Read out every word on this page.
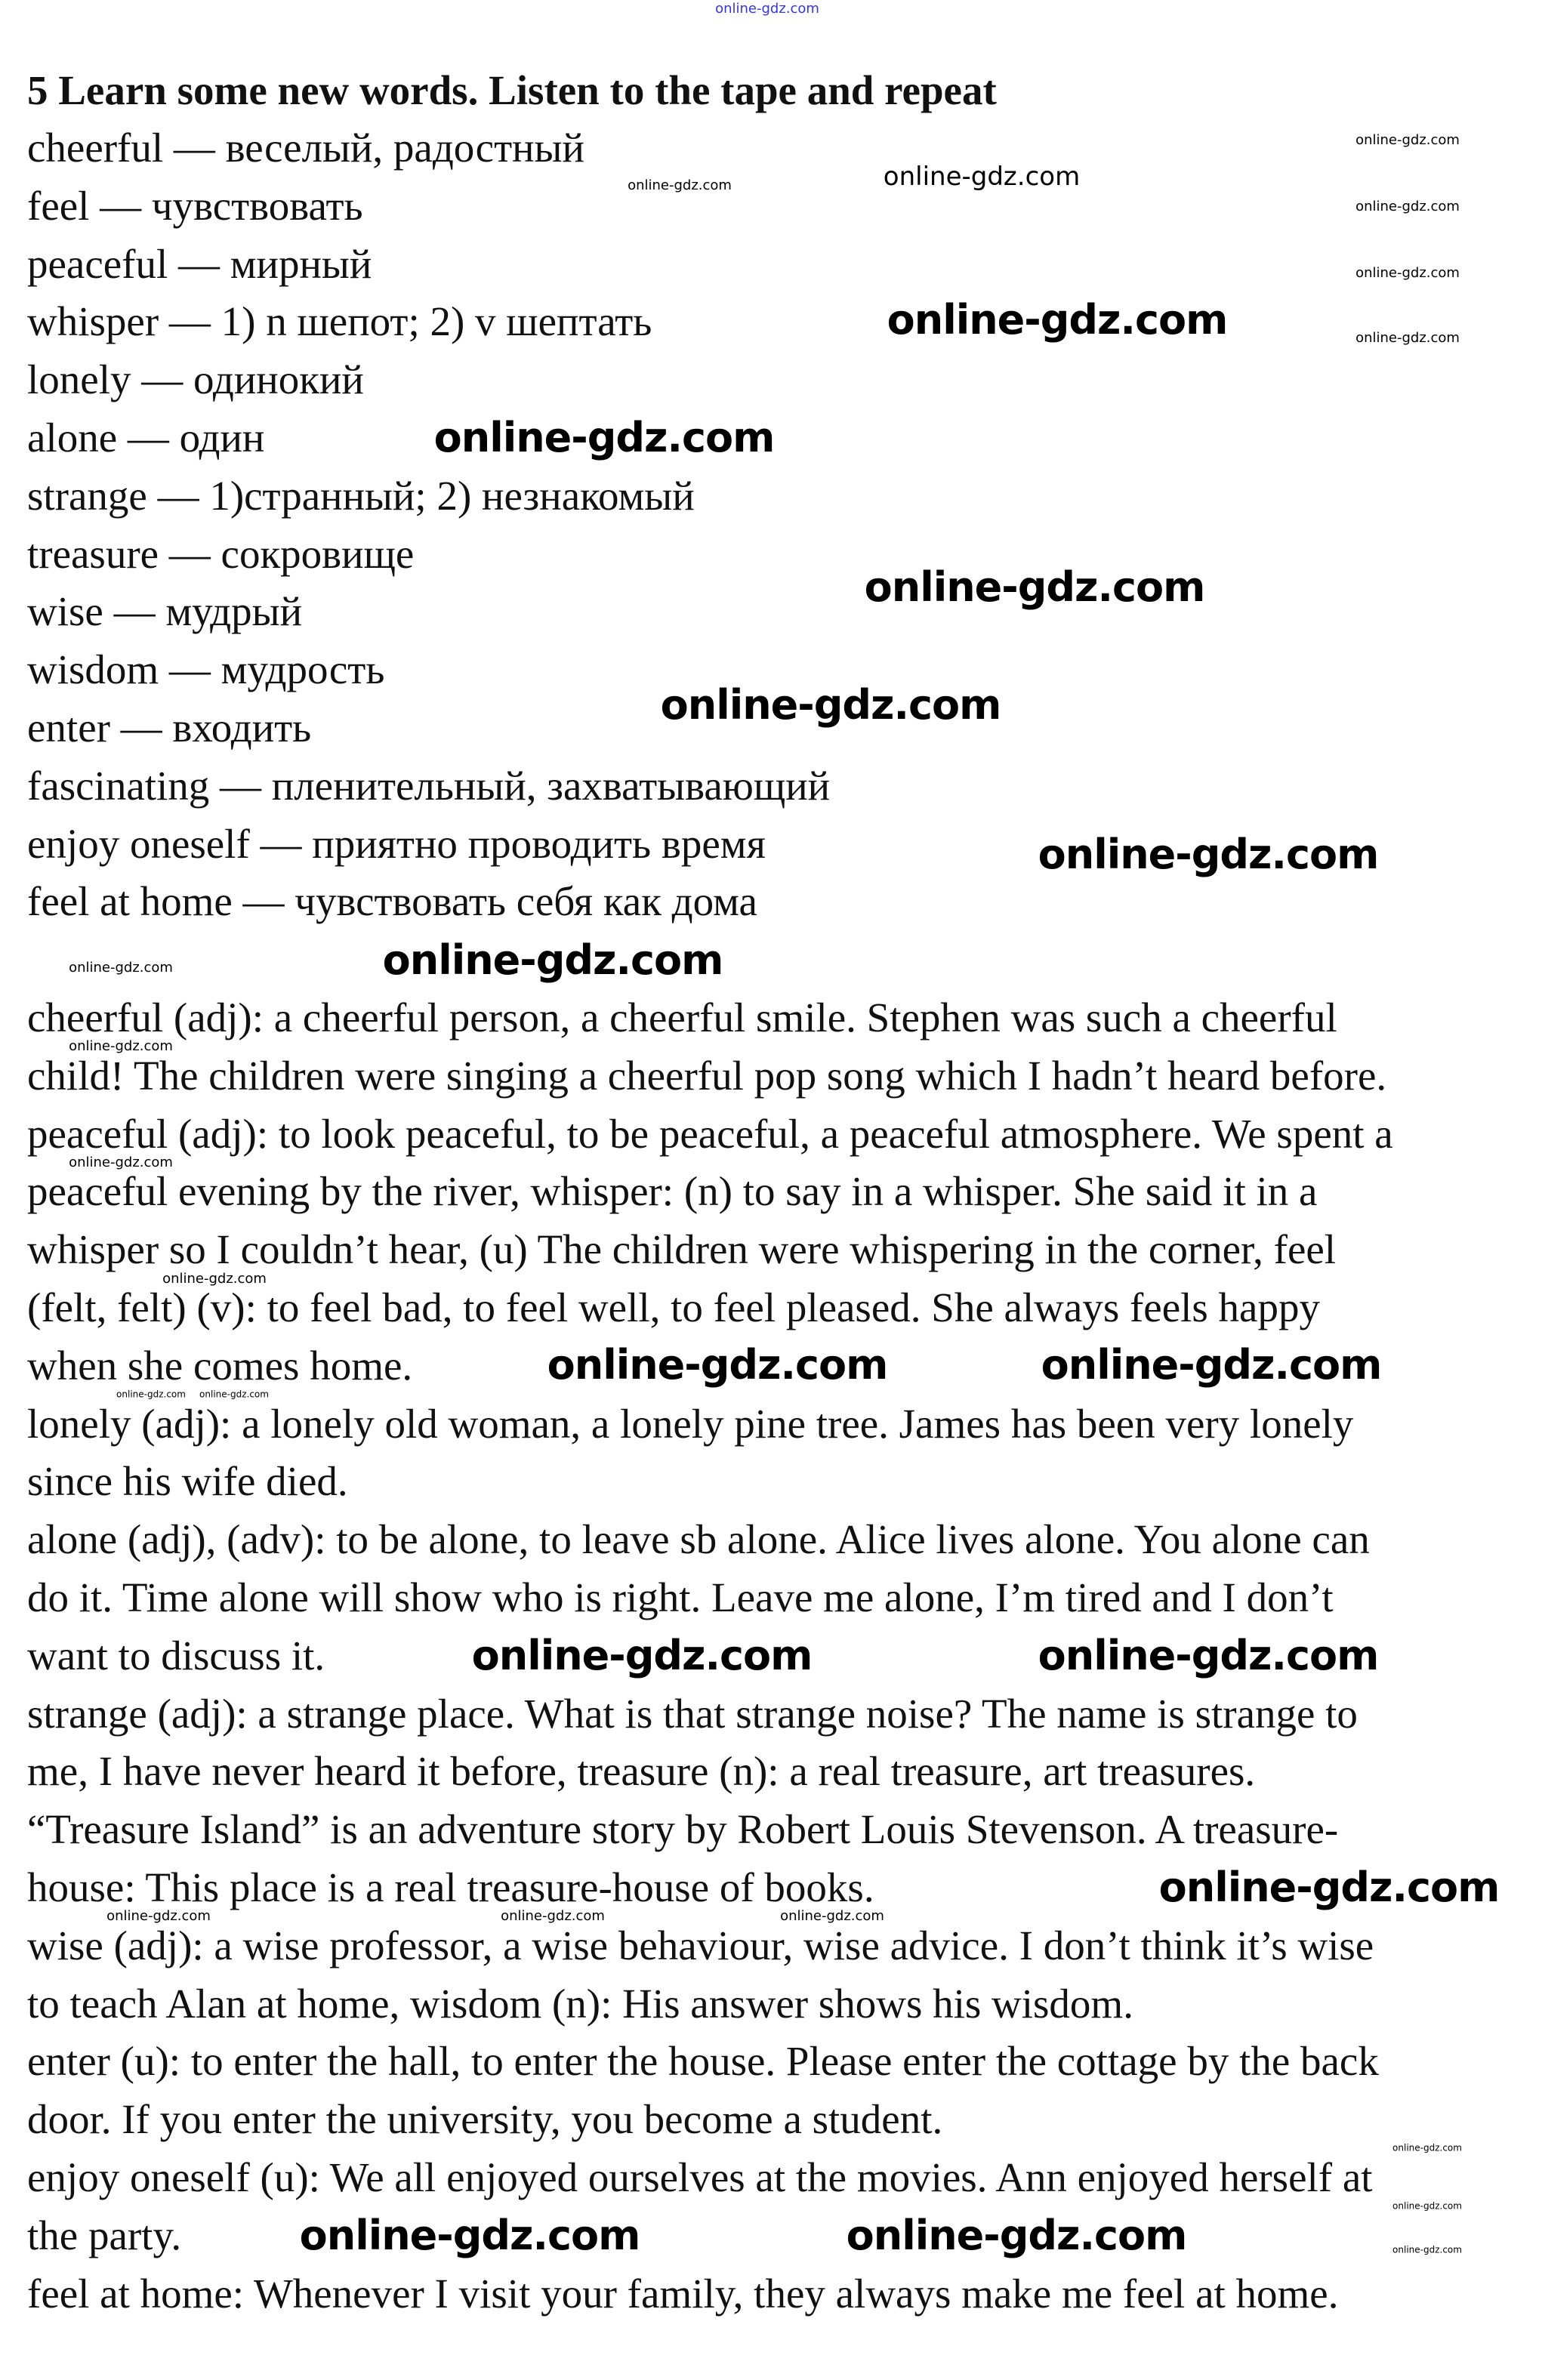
online-gdz.com
5 Learn some new words. Listen to the tape and repeat
cheerful — веселый, радостный
feel — чувствовать
peaceful — мирный
whisper — 1) n шепот; 2) v шептать
lonely — одинокий
alone — один
strange — 1)странный; 2) незнакомый
treasure — сокровище
wise — мудрый
wisdom — мудрость
enter — входить
fascinating — пленительный, захватывающий
enjoy oneself — приятно проводить время
feel at home — чувствовать себя как дома
cheerful (adj): a cheerful person, a cheerful smile. Stephen was such a cheerful
child! The children were singing a cheerful pop song which I hadn’t heard before.
peaceful (adj): to look peaceful, to be peaceful, a peaceful atmosphere. We spent a
peaceful evening by the river, whisper: (n) to say in a whisper. She said it in a
whisper so I couldn’t hear, (u) The children were whispering in the corner, feel
(felt, felt) (v): to feel bad, to feel well, to feel pleased. She always feels happy
when she comes home.
lonely (adj): a lonely old woman, a lonely pine tree. James has been very lonely
since his wife died.
alone (adj), (adv): to be alone, to leave sb alone. Alice lives alone. You alone can
do it. Time alone will show who is right. Leave me alone, I’m tired and I don’t
want to discuss it.
strange (adj): a strange place. What is that strange noise? The name is strange to
me, I have never heard it before, treasure (n): a real treasure, art treasures.
“Treasure Island” is an adventure story by Robert Louis Stevenson. A treasure-
house: This place is a real treasure-house of books.
wise (adj): a wise professor, a wise behaviour, wise advice. I don’t think it’s wise
to teach Alan at home, wisdom (n): His answer shows his wisdom.
enter (u): to enter the hall, to enter the house. Please enter the cottage by the back
door. If you enter the university, you become a student.
enjoy oneself (u): We all enjoyed ourselves at the movies. Ann enjoyed herself at
the party.
feel at home: Whenever I visit your family, they always make me feel at home.
online-gdz.com
online-gdz.com
online-gdz.com
online-gdz.com
online-gdz.com
online-gdz.com
online-gdz.com	online-gdz.com
online-gdz.com	online-gdz.com
online-gdz.com
online-gdz.com	online-gdz.com
online-gdz.com
online-gdz.com
online-gdz.com
online-gdz.com
online-gdz.com
online-gdz.com
online-gdz.com
online-gdz.com
online-gdz.com
online-gdz.com
online-gdz.com	online-gdz.com	online-gdz.com
online-gdz.com online-gdz.com
online-gdz.com
online-gdz.com
online-gdz.com
